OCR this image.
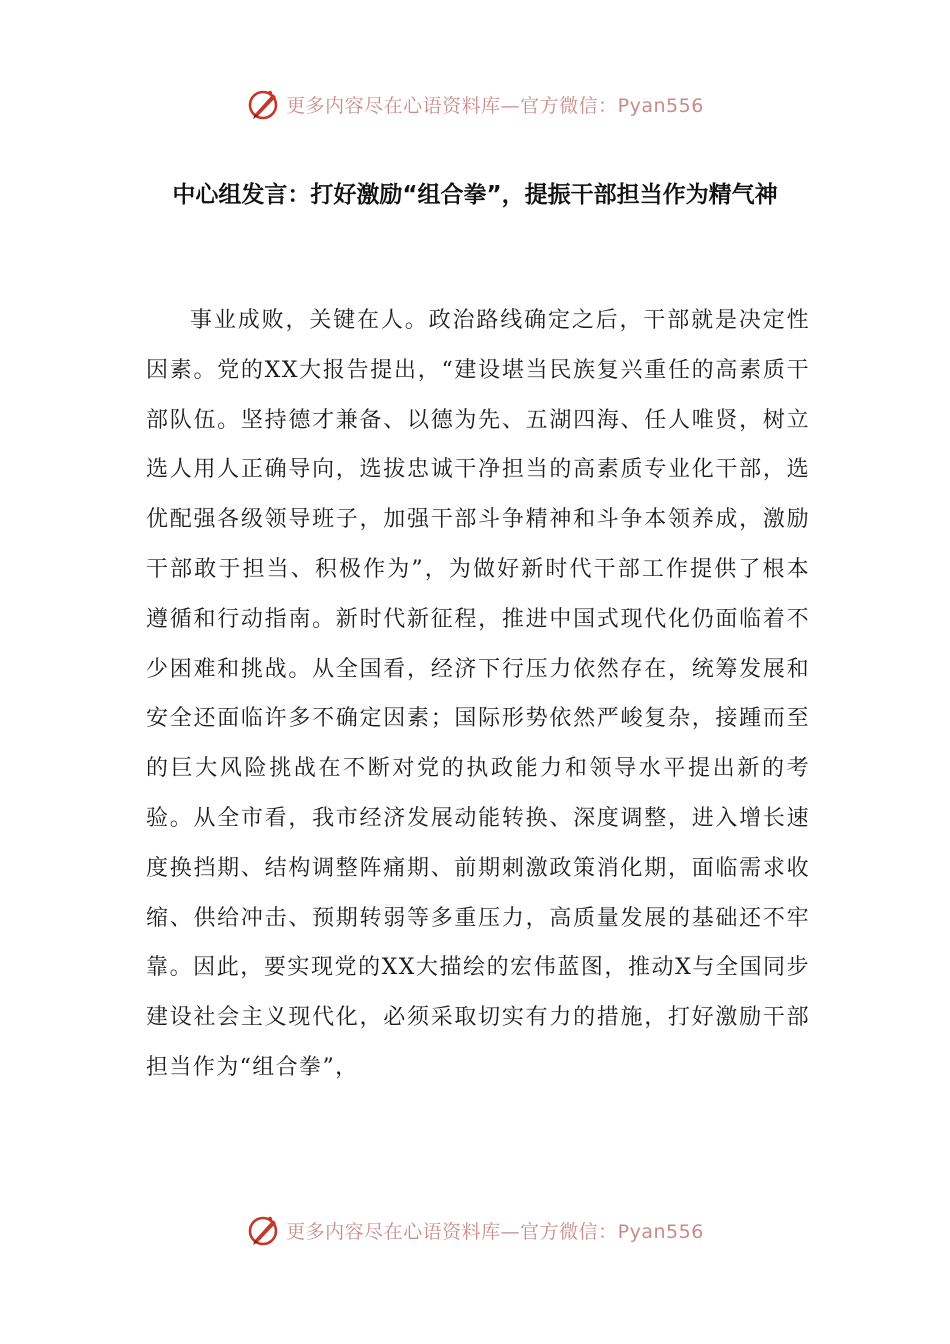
更多内容尽在心语资料库—官方微信：Pyan556
中心组发言：打好激励“组合拳”，提振干部担当作为精气神

事业成败，关键在人。政治路线确定之后，干部就是决定性因素。党的XX大报告提出，“建设堪当民族复兴重任的高素质干部队伍。坚持德才兼备、以德为先、五湖四海、任人唯贤，树立选人用人正确导向，选拔忠诚干净担当的高素质专业化干部，选优配强各级领导班子，加强干部斗争精神和斗争本领养成，激励干部敢于担当、积极作为”，为做好新时代干部工作提供了根本遵循和行动指南。新时代新征程，推进中国式现代化仍面临着不少困难和挑战。从全国看，经济下行压力依然存在，统筹发展和安全还面临许多不确定因素；国际形势依然严峻复杂，接踵而至的巨大风险挑战在不断对党的执政能力和领导水平提出新的考验。从全市看，我市经济发展动能转换、深度调整，进入增长速度换挡期、结构调整阵痛期、前期刺激政策消化期，面临需求收缩、供给冲击、预期转弱等多重压力，高质量发展的基础还不牢靠。因此，要实现党的XX大描绘的宏伟蓝图，推动X与全国同步建设社会主义现代化，必须采取切实有力的措施，打好激励干部担当作为“组合拳”，

更多内容尽在心语资料库—官方微信：Pyan556
